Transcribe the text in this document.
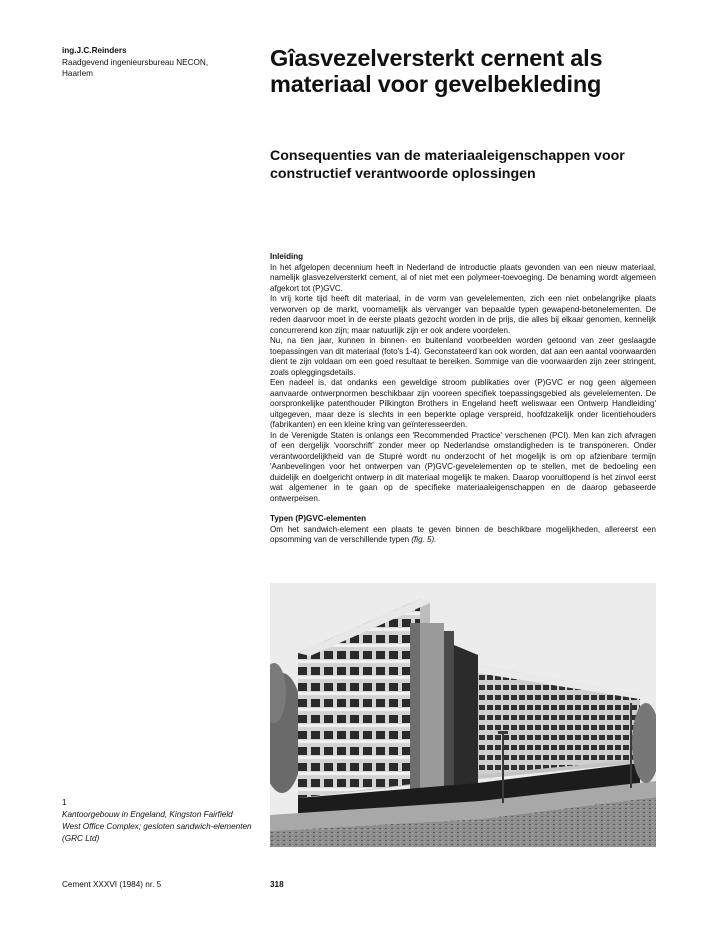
ing.J.C.Reinders
Raadgevend ingenieursbureau NECON,
Haarlem
Gîasvezelversterkt cernent als materiaal voor gevelbekleding
Consequenties van de materiaaleigenschappen voor constructief verantwoorde oplossingen
Inleiding

In het afgelopen decennium heeft in Nederland de introductie plaats gevonden van een nieuw materiaal, namelijk glasvezelversterkt cement, al of niet met een polymeer-toevoeging. De benaming wordt algemeen afgekort tot (P)GVC.

In vrij korte tijd heeft dit materiaal, in de vorm van gevelelementen, zich een niet onbelangrijke plaats verworven op de markt, voornamelijk als vervanger van bepaalde typen gewapend-betonelementen. De reden daarvoor moet in de eerste plaats gezocht worden in de prijs, die alles bij elkaar genomen, kennelijk concurrerend kon zijn; maar natuurlijk zijn er ook andere voordelen.

Nu, na tien jaar, kunnen in binnen- en buitenland voorbeelden worden getoond van zeer geslaagde toepassingen van dit materiaal (foto's 1-4). Geconstateerd kan ook worden, dat aan een aantal voorwaarden dient te zijn voldaan om een goed resultaat te bereiken. Sommige van die voorwaarden zijn zeer stringent, zoals opleggingsdetails.

Een nadeel is, dat ondanks een geweldige stroom publikaties over (P)GVC er nog geen algemeen aanvaarde ontwerpnormen beschikbaar zijn vooreen specifiek toepassingsgebied als gevelelementen. De oorspronkelijke patenthouder Pilkington Brothers in Engeland heeft weliswaar een Ontwerp Handleiding' uitgegeven, maar deze is slechts in een beperkte oplage verspreid, hoofdzakelijk onder licentiehouders (fabrikanten) en een kleine kring van geïnteresseerden.

In de Verenigde Staten is onlangs een 'Recommended Practice' verschenen (PCI). Men kan zich afvragen of een dergelijk 'voorschrift' zonder meer op Nederlandse omstandigheden is te transponeren. Onder verantwoordelijkheid van de Stupré wordt nu onderzocht of het mogelijk is om op afzienbare termijn 'Aanbevelingen voor het ontwerpen van (P)GVC-gevelelementen op te stellen, met de bedoeling een duidelijk en doelgericht ontwerp in dit materiaal mogelijk te maken. Daarop vooruitlopend is het zinvol eerst wat algemener in te gaan op de specifieke materiaaleigenschappen en de daarop gebaseerde ontwerpeisen.

Typen (P)GVC-elementen

Om het sandwich-element een plaats te geven binnen de beschikbare mogelijkheden, allereerst een opsomming van de verschillende typen (fig. 5).

1
Kantoorgebouw in Engeland, Kingston Fairfield West Office Complex; gesloten sandwich-elementen (GRC Ltd)
Cement XXXVI (1984) nr. 5	318
